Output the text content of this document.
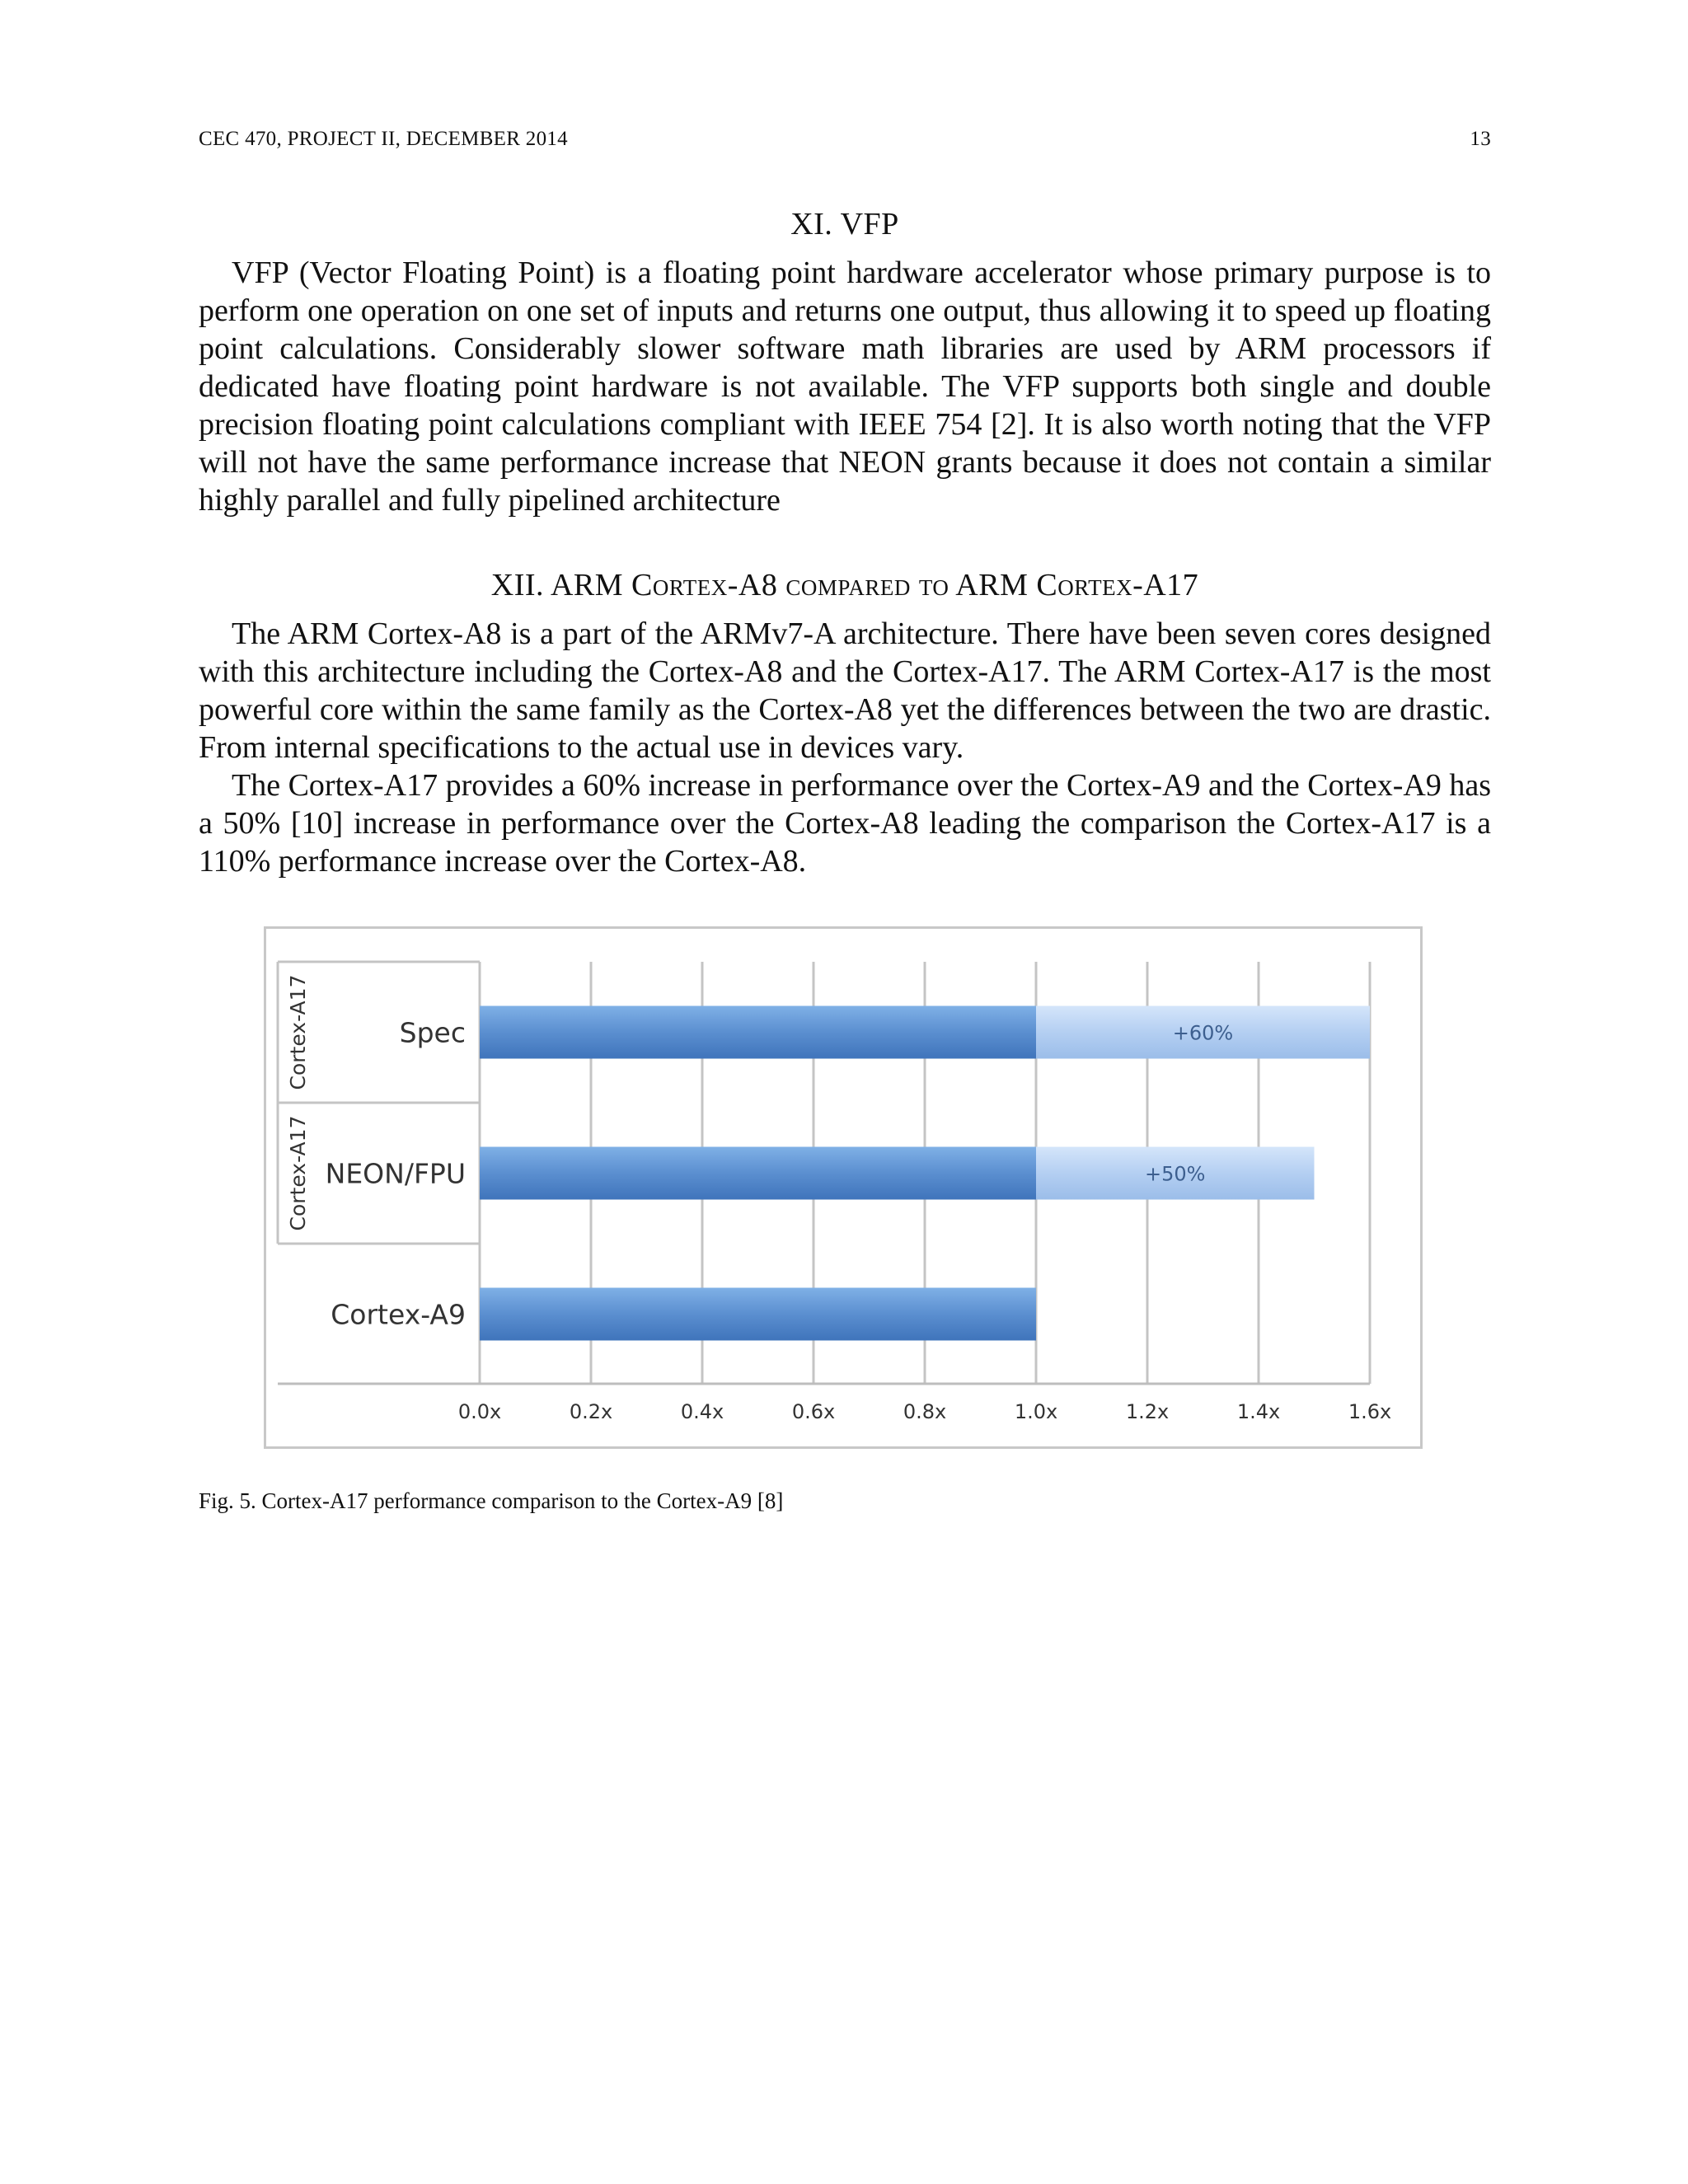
CEC 470, PROJECT II, DECEMBER 2014	13
XI. VFP

VFP (Vector Floating Point) is a floating point hardware accelerator whose primary purpose is to perform one operation on one set of inputs and returns one output, thus allowing it to speed up floating point calculations. Considerably slower software math libraries are used by ARM processors if dedicated have floating point hardware is not available. The VFP supports both single and double precision floating point calculations compliant with IEEE 754 [2]. It is also worth noting that the VFP will not have the same performance increase that NEON grants because it does not contain a similar highly parallel and fully pipelined architecture

XII. ARM Cortex-A8 compared to ARM Cortex-A17

The ARM Cortex-A8 is a part of the ARMv7-A architecture. There have been seven cores designed with this architecture including the Cortex-A8 and the Cortex-A17. The ARM Cortex-A17 is the most powerful core within the same family as the Cortex-A8 yet the differences between the two are drastic. From internal specifications to the actual use in devices vary.

The Cortex-A17 provides a 60% increase in performance over the Cortex-A9 and the Cortex-A9 has a 50% [10] increase in performance over the Cortex-A8 leading the comparison the Cortex-A17 is a 110% performance increase over the Cortex-A8.

+60%
Spec
Cortex-A17
+50%
NEON/FPU
Cortex-A17
Cortex-A9
0.0x	0.2x	0.4x	0.6x	0.8x	1.0x	1.2x	1.4x	1.6x
Fig. 5. Cortex-A17 performance comparison to the Cortex-A9 [8]
